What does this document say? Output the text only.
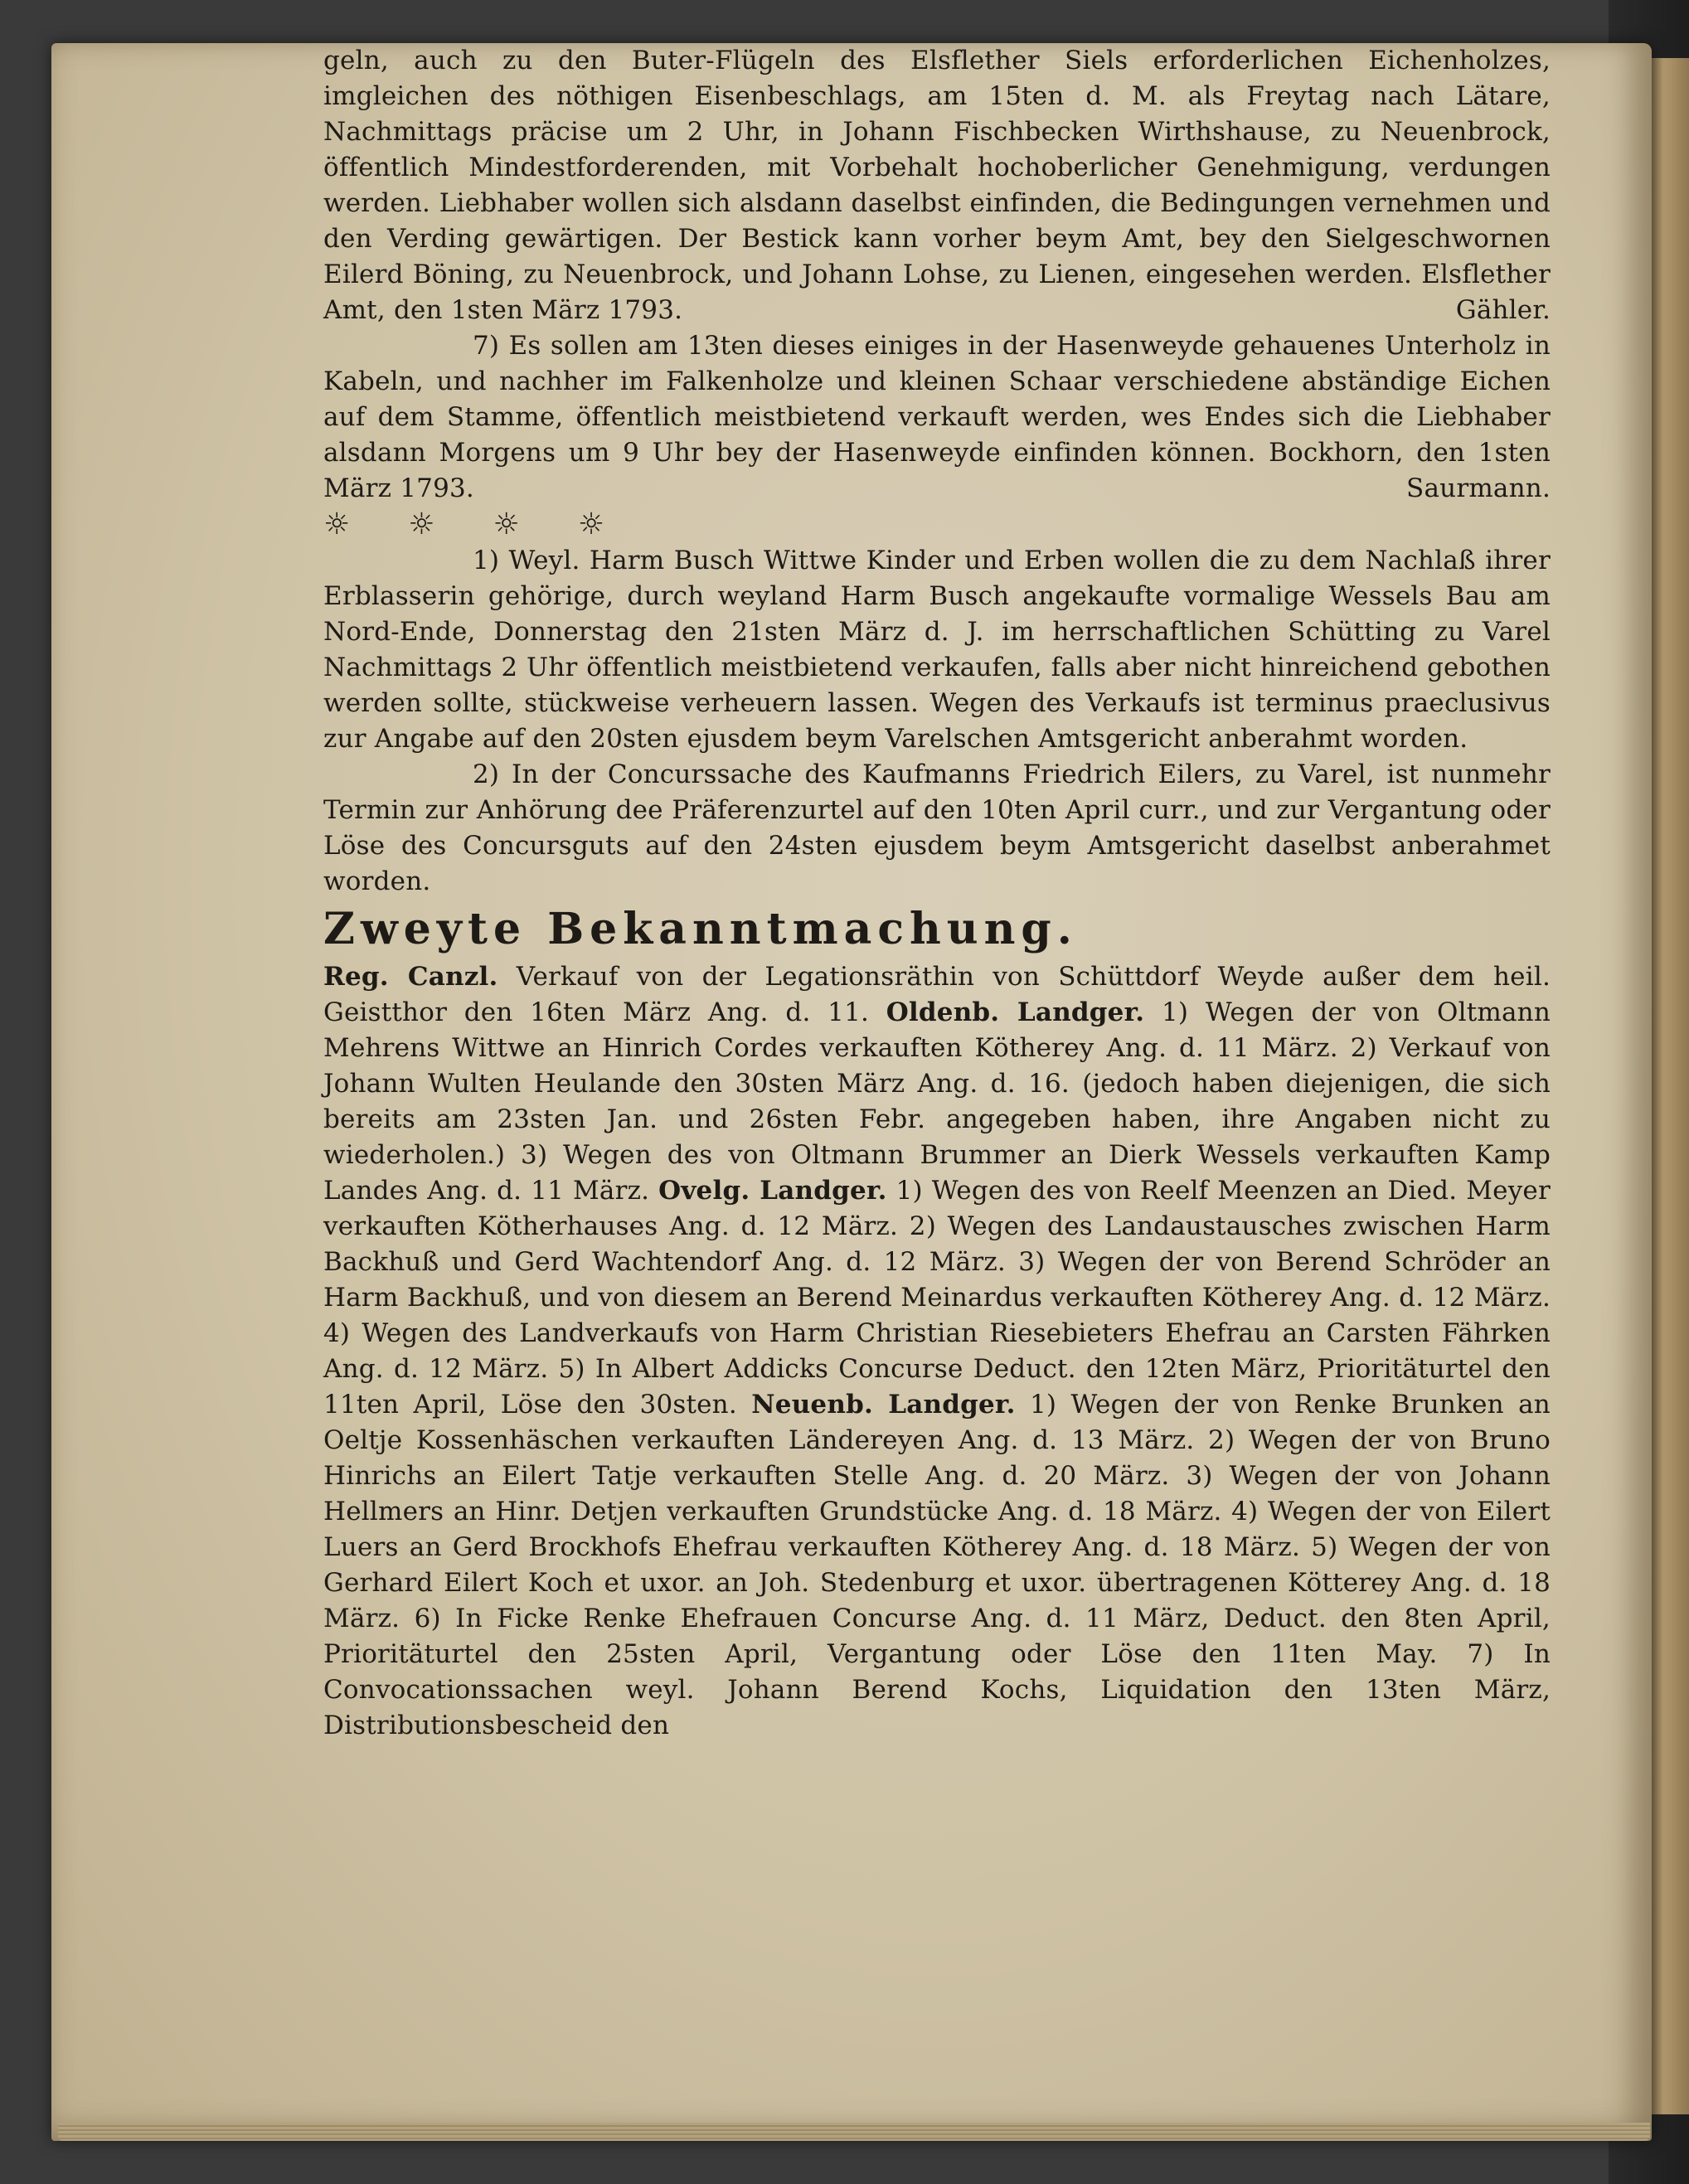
geln, auch zu den Buter-Flügeln des Elsflether Siels erforderlichen Eichenholzes, imgleichen des nöthigen Eisenbeschlags, am 15ten d. M. als Freytag nach Lätare, Nachmittags präcise um 2 Uhr, in Johann Fischbecken Wirthshause, zu Neuenbrock, öffentlich Mindestforderenden, mit Vorbehalt hochoberlicher Genehmigung, verdungen werden. Liebhaber wollen sich alsdann daselbst einfinden, die Bedingungen vernehmen und den Verding gewärtigen. Der Bestick kann vorher beym Amt, bey den Sielgeschwornen Eilerd Böning, zu Neuenbrock, und Johann Lohse, zu Lienen, eingesehen werden. Elsflether Amt, den 1sten März 1793.	Gähler.

7) Es sollen am 13ten dieses einiges in der Hasenweyde gehauenes Unterholz in Kabeln, und nachher im Falkenholze und kleinen Schaar verschiedene abständige Eichen auf dem Stamme, öffentlich meistbietend verkauft werden, wes Endes sich die Liebhaber alsdann Morgens um 9 Uhr bey der Hasenweyde einfinden können. Bockhorn, den 1sten März 1793.	Saurmann.

☼☼☼☼

1) Weyl. Harm Busch Wittwe Kinder und Erben wollen die zu dem Nachlaß ihrer Erblasserin gehörige, durch weyland Harm Busch angekaufte vormalige Wessels Bau am Nord-Ende, Donnerstag den 21sten März d. J. im herrschaftlichen Schütting zu Varel Nachmittags 2 Uhr öffentlich meistbietend verkaufen, falls aber nicht hinreichend gebothen werden sollte, stückweise verheuern lassen. Wegen des Verkaufs ist terminus praeclusivus zur Angabe auf den 20sten ejusdem beym Varelschen Amtsgericht anberahmt worden.

2) In der Concurssache des Kaufmanns Friedrich Eilers, zu Varel, ist nunmehr Termin zur Anhörung dee Präferenzurtel auf den 10ten April curr., und zur Vergantung oder Löse des Concursguts auf den 24sten ejusdem beym Amtsgericht daselbst anberahmet worden.

Zweyte Bekanntmachung.

Reg. Canzl. Verkauf von der Legationsräthin von Schüttdorf Weyde außer dem heil. Geistthor den 16ten März Ang. d. 11. Oldenb. Landger. 1) Wegen der von Oltmann Mehrens Wittwe an Hinrich Cordes verkauften Kötherey Ang. d. 11 März. 2) Verkauf von Johann Wulten Heulande den 30sten März Ang. d. 16. (jedoch haben diejenigen, die sich bereits am 23sten Jan. und 26sten Febr. angegeben haben, ihre Angaben nicht zu wiederholen.) 3) Wegen des von Oltmann Brummer an Dierk Wessels verkauften Kamp Landes Ang. d. 11 März. Ovelg. Landger. 1) Wegen des von Reelf Meenzen an Died. Meyer verkauften Kötherhauses Ang. d. 12 März. 2) Wegen des Landaustausches zwischen Harm Backhuß und Gerd Wachtendorf Ang. d. 12 März. 3) Wegen der von Berend Schröder an Harm Backhuß, und von diesem an Berend Meinardus verkauften Kötherey Ang. d. 12 März. 4) Wegen des Landverkaufs von Harm Christian Riesebieters Ehefrau an Carsten Fährken Ang. d. 12 März. 5) In Albert Addicks Concurse Deduct. den 12ten März, Prioritäturtel den 11ten April, Löse den 30sten. Neuenb. Landger. 1) Wegen der von Renke Brunken an Oeltje Kossenhäschen verkauften Ländereyen Ang. d. 13 März. 2) Wegen der von Bruno Hinrichs an Eilert Tatje verkauften Stelle Ang. d. 20 März. 3) Wegen der von Johann Hellmers an Hinr. Detjen verkauften Grundstücke Ang. d. 18 März. 4) Wegen der von Eilert Luers an Gerd Brockhofs Ehefrau verkauften Kötherey Ang. d. 18 März. 5) Wegen der von Gerhard Eilert Koch et uxor. an Joh. Stedenburg et uxor. übertragenen Kötterey Ang. d. 18 März. 6) In Ficke Renke Ehefrauen Concurse Ang. d. 11 März, Deduct. den 8ten April, Prioritäturtel den 25sten April, Vergantung oder Löse den 11ten May. 7) In Convocationssachen weyl. Johann Berend Kochs, Liquidation den 13ten März, Distributionsbescheid den
